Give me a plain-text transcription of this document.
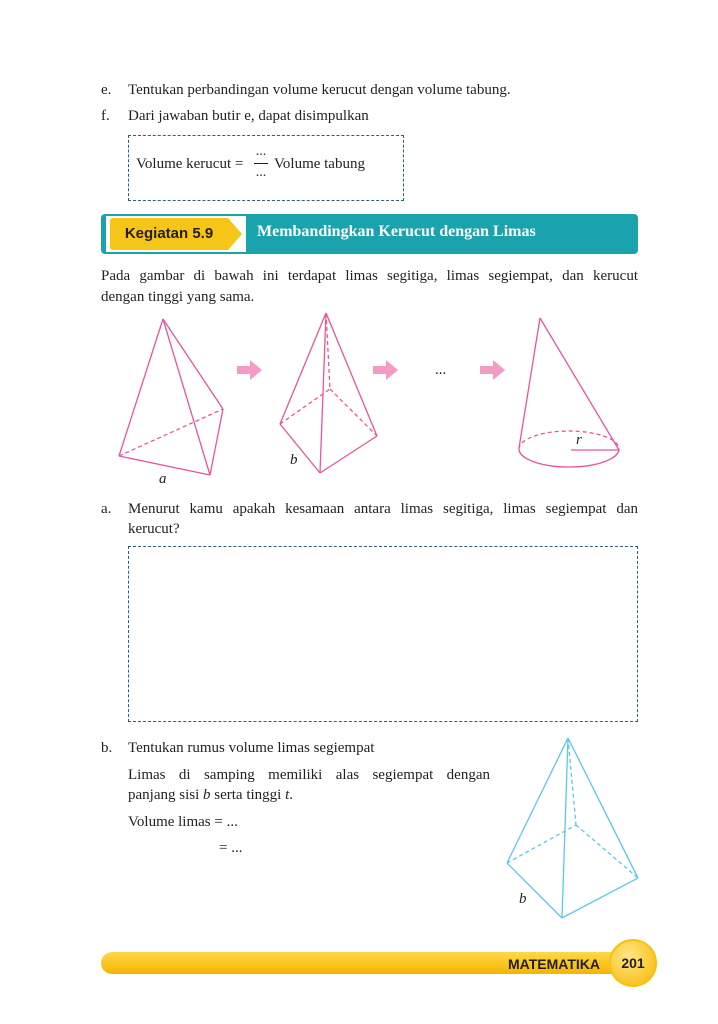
e. Tentukan perbandingan volume kerucut dengan volume tabung.
f. Dari jawaban butir e, dapat disimpulkan
Volume kerucut =
...
...
Volume tabung
Kegiatan 5.9	Membandingkan Kerucut dengan Limas
Pada gambar di bawah ini terdapat limas segitiga, limas segiempat, dan kerucut
dengan tinggi yang sama.
...
a
b
r
a. Menurut kamu apakah kesamaan antara limas segitiga, limas segiempat dan
kerucut?
b. Tentukan rumus volume limas segiempat
Limas di samping memiliki alas segiempat dengan
panjang sisi b serta tinggi t.
Volume limas = ...
= ...
b
MATEMATIKA	201
